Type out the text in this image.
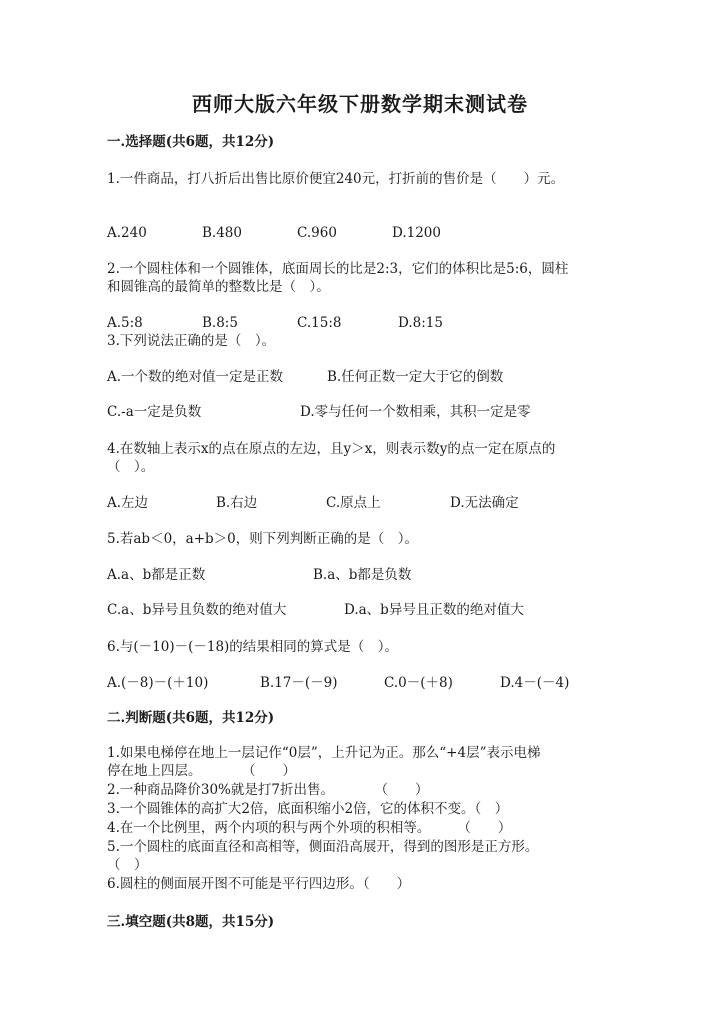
西师大版六年级下册数学期末测试卷
一.选择题(共6题，共12分)
1.一件商品，打八折后出售比原价便宜240元，打折前的售价是（　　）元。
A.240	B.480	C.960	D.1200
2.一个圆柱体和一个圆锥体，底面周长的比是2:3，它们的体积比是5:6，圆柱
和圆锥高的最简单的整数比是（　）。
A.5:8	B.8:5	C.15:8	D.8:15
3.下列说法正确的是（　）。
A.一个数的绝对值一定是正数	B.任何正数一定大于它的倒数
C.-a一定是负数	D.零与任何一个数相乘，其积一定是零
4.在数轴上表示x的点在原点的左边，且y＞x，则表示数y的点一定在原点的
（　）。
A.左边	B.右边	C.原点上	D.无法确定
5.若ab＜0，a+b＞0，则下列判断正确的是（　）。
A.a、b都是正数	B.a、b都是负数
C.a、b异号且负数的绝对值大	D.a、b异号且正数的绝对值大
6.与(－10)－(－18)的结果相同的算式是（　）。
A.(－8)－(＋10)	B.17－(－9)	C.0－(＋8)	D.4－(－4)
二.判断题(共6题，共12分)
1.如果电梯停在地上一层记作“0层”，上升记为正。那么“+4层”表示电梯
停在地上四层。　　　　（　　）
2.一种商品降价30%就是打7折出售。　　　　（　　）
3.一个圆锥体的高扩大2倍，底面积缩小2倍，它的体积不变。（　）
4.在一个比例里，两个内项的积与两个外项的积相等。　　　（　　）
5.一个圆柱的底面直径和高相等，侧面沿高展开，得到的图形是正方形。
（　）
6.圆柱的侧面展开图不可能是平行四边形。（　　）
三.填空题(共8题，共15分)
